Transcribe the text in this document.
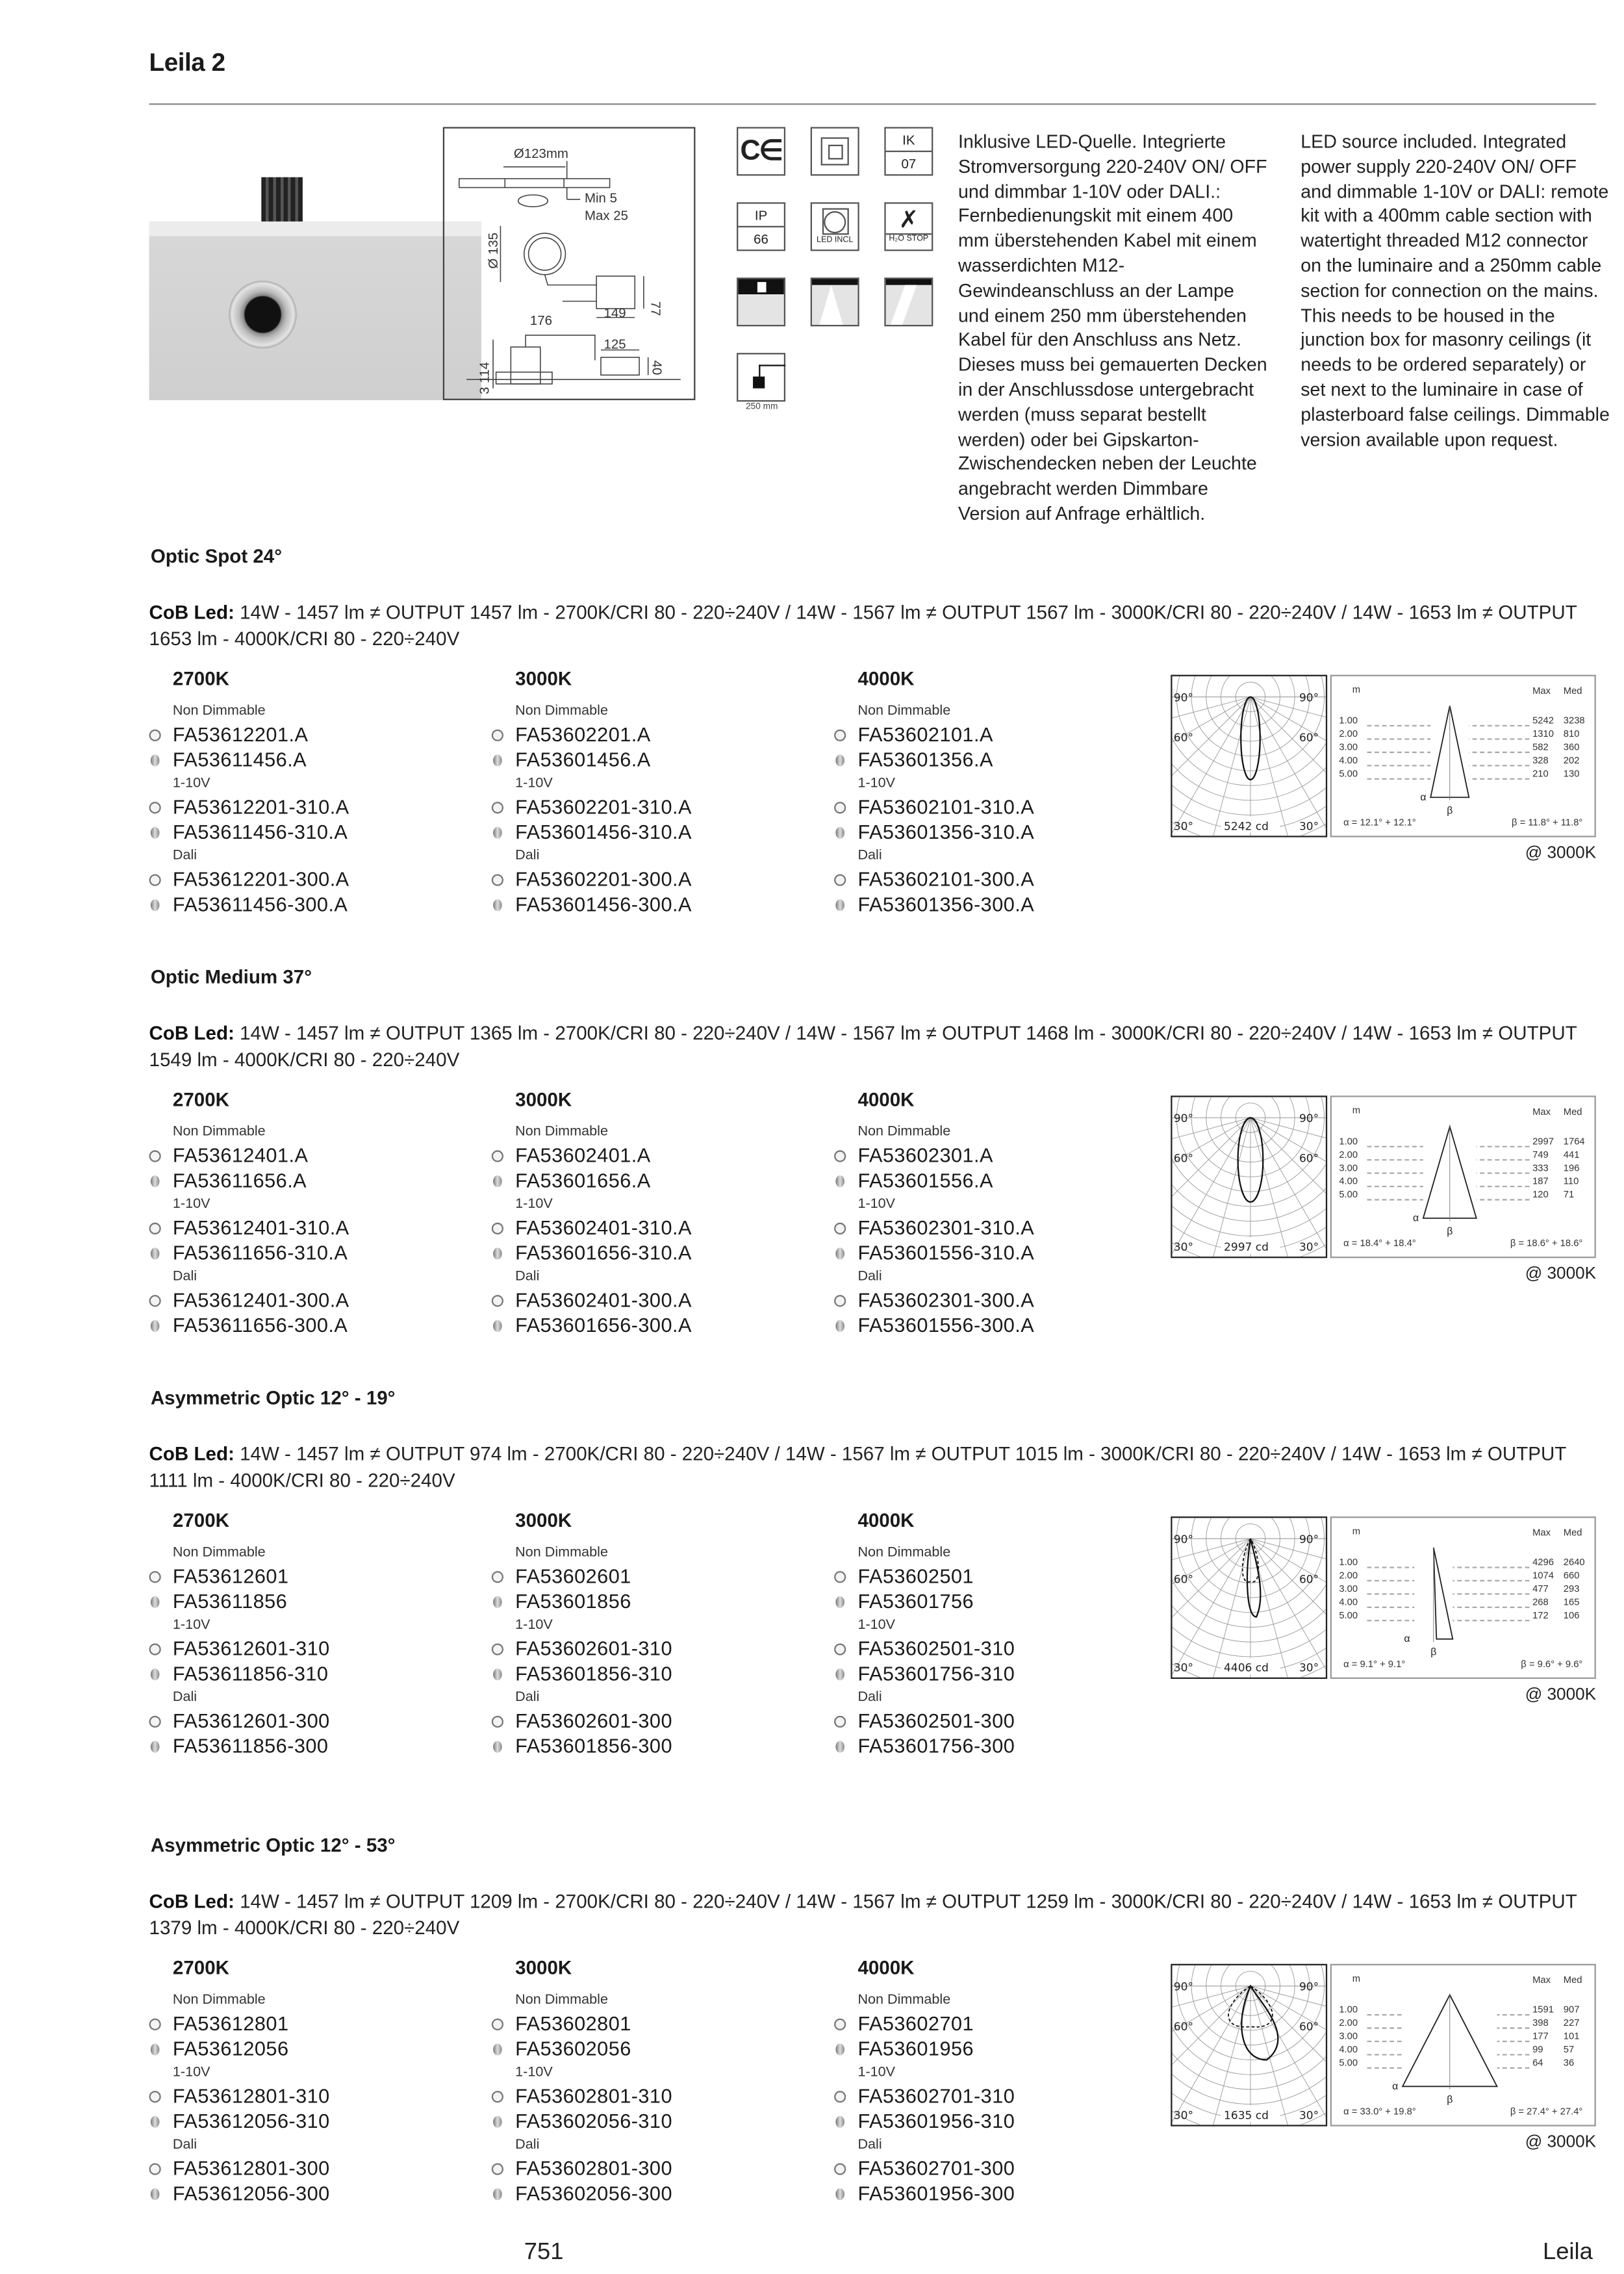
Leila 2
Ø123mm
Min 5
Max 25
Ø 135
77
149
176
125
40
3 114
C∈	IK
07
IP
66	LED INCL
✗
H₂O STOP
250 mm
Inklusive LED-Quelle. Integrierte Stromversorgung 220-240V ON/ OFF und dimmbar 1-10V oder DALI.: Fernbedienungskit mit einem 400 mm überstehenden Kabel mit einem wasserdichten M12-Gewindeanschluss an der Lampe und einem 250 mm überstehenden Kabel für den Anschluss ans Netz. Dieses muss bei gemauerten Decken in der Anschlussdose untergebracht werden (muss separat bestellt werden) oder bei Gipskarton-Zwischendecken neben der Leuchte angebracht werden Dimmbare Version auf Anfrage erhältlich.
LED source included. Integrated power supply 220-240V ON/ OFF and dimmable 1-10V or DALI: remote kit with a 400mm cable section with watertight threaded M12 connector on the luminaire and a 250mm cable section for connection on the mains. This needs to be housed in the junction box for masonry ceilings (it needs to be ordered separately) or set next to the luminaire in case of plasterboard false ceilings. Dimmable version available upon request.
Optic Spot 24°
CoB Led: 14W - 1457 lm ≠ OUTPUT 1457 lm - 2700K/CRI 80 - 220÷240V / 14W - 1567 lm ≠ OUTPUT 1567 lm - 3000K/CRI 80 - 220÷240V / 14W - 1653 lm ≠ OUTPUT 1653 lm - 4000K/CRI 80 - 220÷240V
2700K
Non Dimmable
FA53612201.A
FA53611456.A
1-10V
FA53612201-310.A
FA53611456-310.A
Dali
FA53612201-300.A
FA53611456-300.A
3000K
Non Dimmable
FA53602201.A
FA53601456.A
1-10V
FA53602201-310.A
FA53601456-310.A
Dali
FA53602201-300.A
FA53601456-300.A
4000K
Non Dimmable
FA53602101.A
FA53601356.A
1-10V
FA53602101-310.A
FA53601356-310.A
Dali
FA53602101-300.A
FA53601356-300.A
90°	90°
60°	60°
30°	30°
5242 cd
m	Max	Med
1.00	5242 3238
2.00	1310 810
3.00	582	360
4.00	328	202
5.00	210	130
α
β
α = 12.1° + 12.1°	β = 11.8° + 11.8°
@ 3000K
Optic Medium 37°
CoB Led: 14W - 1457 lm ≠ OUTPUT 1365 lm - 2700K/CRI 80 - 220÷240V / 14W - 1567 lm ≠ OUTPUT 1468 lm - 3000K/CRI 80 - 220÷240V / 14W - 1653 lm ≠ OUTPUT 1549 lm - 4000K/CRI 80 - 220÷240V
2700K
Non Dimmable
FA53612401.A
FA53611656.A
1-10V
FA53612401-310.A
FA53611656-310.A
Dali
FA53612401-300.A
FA53611656-300.A
3000K
Non Dimmable
FA53602401.A
FA53601656.A
1-10V
FA53602401-310.A
FA53601656-310.A
Dali
FA53602401-300.A
FA53601656-300.A
4000K
Non Dimmable
FA53602301.A
FA53601556.A
1-10V
FA53602301-310.A
FA53601556-310.A
Dali
FA53602301-300.A
FA53601556-300.A
90°	90°
60°	60°
30°	30°
2997 cd
m	Max	Med
1.00	2997 1764
2.00	749	441
3.00	333	196
4.00	187	110
5.00	120	71
α
β
α = 18.4° + 18.4°	β = 18.6° + 18.6°
@ 3000K
Asymmetric Optic 12° - 19°
CoB Led: 14W - 1457 lm ≠ OUTPUT 974 lm - 2700K/CRI 80 - 220÷240V / 14W - 1567 lm ≠ OUTPUT 1015 lm - 3000K/CRI 80 - 220÷240V / 14W - 1653 lm ≠ OUTPUT 1111 lm - 4000K/CRI 80 - 220÷240V
2700K
Non Dimmable
FA53612601
FA53611856
1-10V
FA53612601-310
FA53611856-310
Dali
FA53612601-300
FA53611856-300
3000K
Non Dimmable
FA53602601
FA53601856
1-10V
FA53602601-310
FA53601856-310
Dali
FA53602601-300
FA53601856-300
4000K
Non Dimmable
FA53602501
FA53601756
1-10V
FA53602501-310
FA53601756-310
Dali
FA53602501-300
FA53601756-300
90°	90°
60°	60°
30°	30°
4406 cd
m	Max	Med
1.00	4296 2640
2.00	1074 660
3.00	477	293
4.00	268	165
5.00	172	106
α
β
α = 9.1° + 9.1°	β = 9.6° + 9.6°
@ 3000K
Asymmetric Optic 12° - 53°
CoB Led: 14W - 1457 lm ≠ OUTPUT 1209 lm - 2700K/CRI 80 - 220÷240V / 14W - 1567 lm ≠ OUTPUT 1259 lm - 3000K/CRI 80 - 220÷240V / 14W - 1653 lm ≠ OUTPUT 1379 lm - 4000K/CRI 80 - 220÷240V
2700K
Non Dimmable
FA53612801
FA53612056
1-10V
FA53612801-310
FA53612056-310
Dali
FA53612801-300
FA53612056-300
3000K
Non Dimmable
FA53602801
FA53602056
1-10V
FA53602801-310
FA53602056-310
Dali
FA53602801-300
FA53602056-300
4000K
Non Dimmable
FA53602701
FA53601956
1-10V
FA53602701-310
FA53601956-310
Dali
FA53602701-300
FA53601956-300
90°	90°
60°	60°
30°	30°
1635 cd
m	Max	Med
1.00	1591 907
2.00	398	227
3.00	177	101
4.00	99	57
5.00	64	36
α
β
α = 33.0° + 19.8°	β = 27.4° + 27.4°
@ 3000K
751	Leila
